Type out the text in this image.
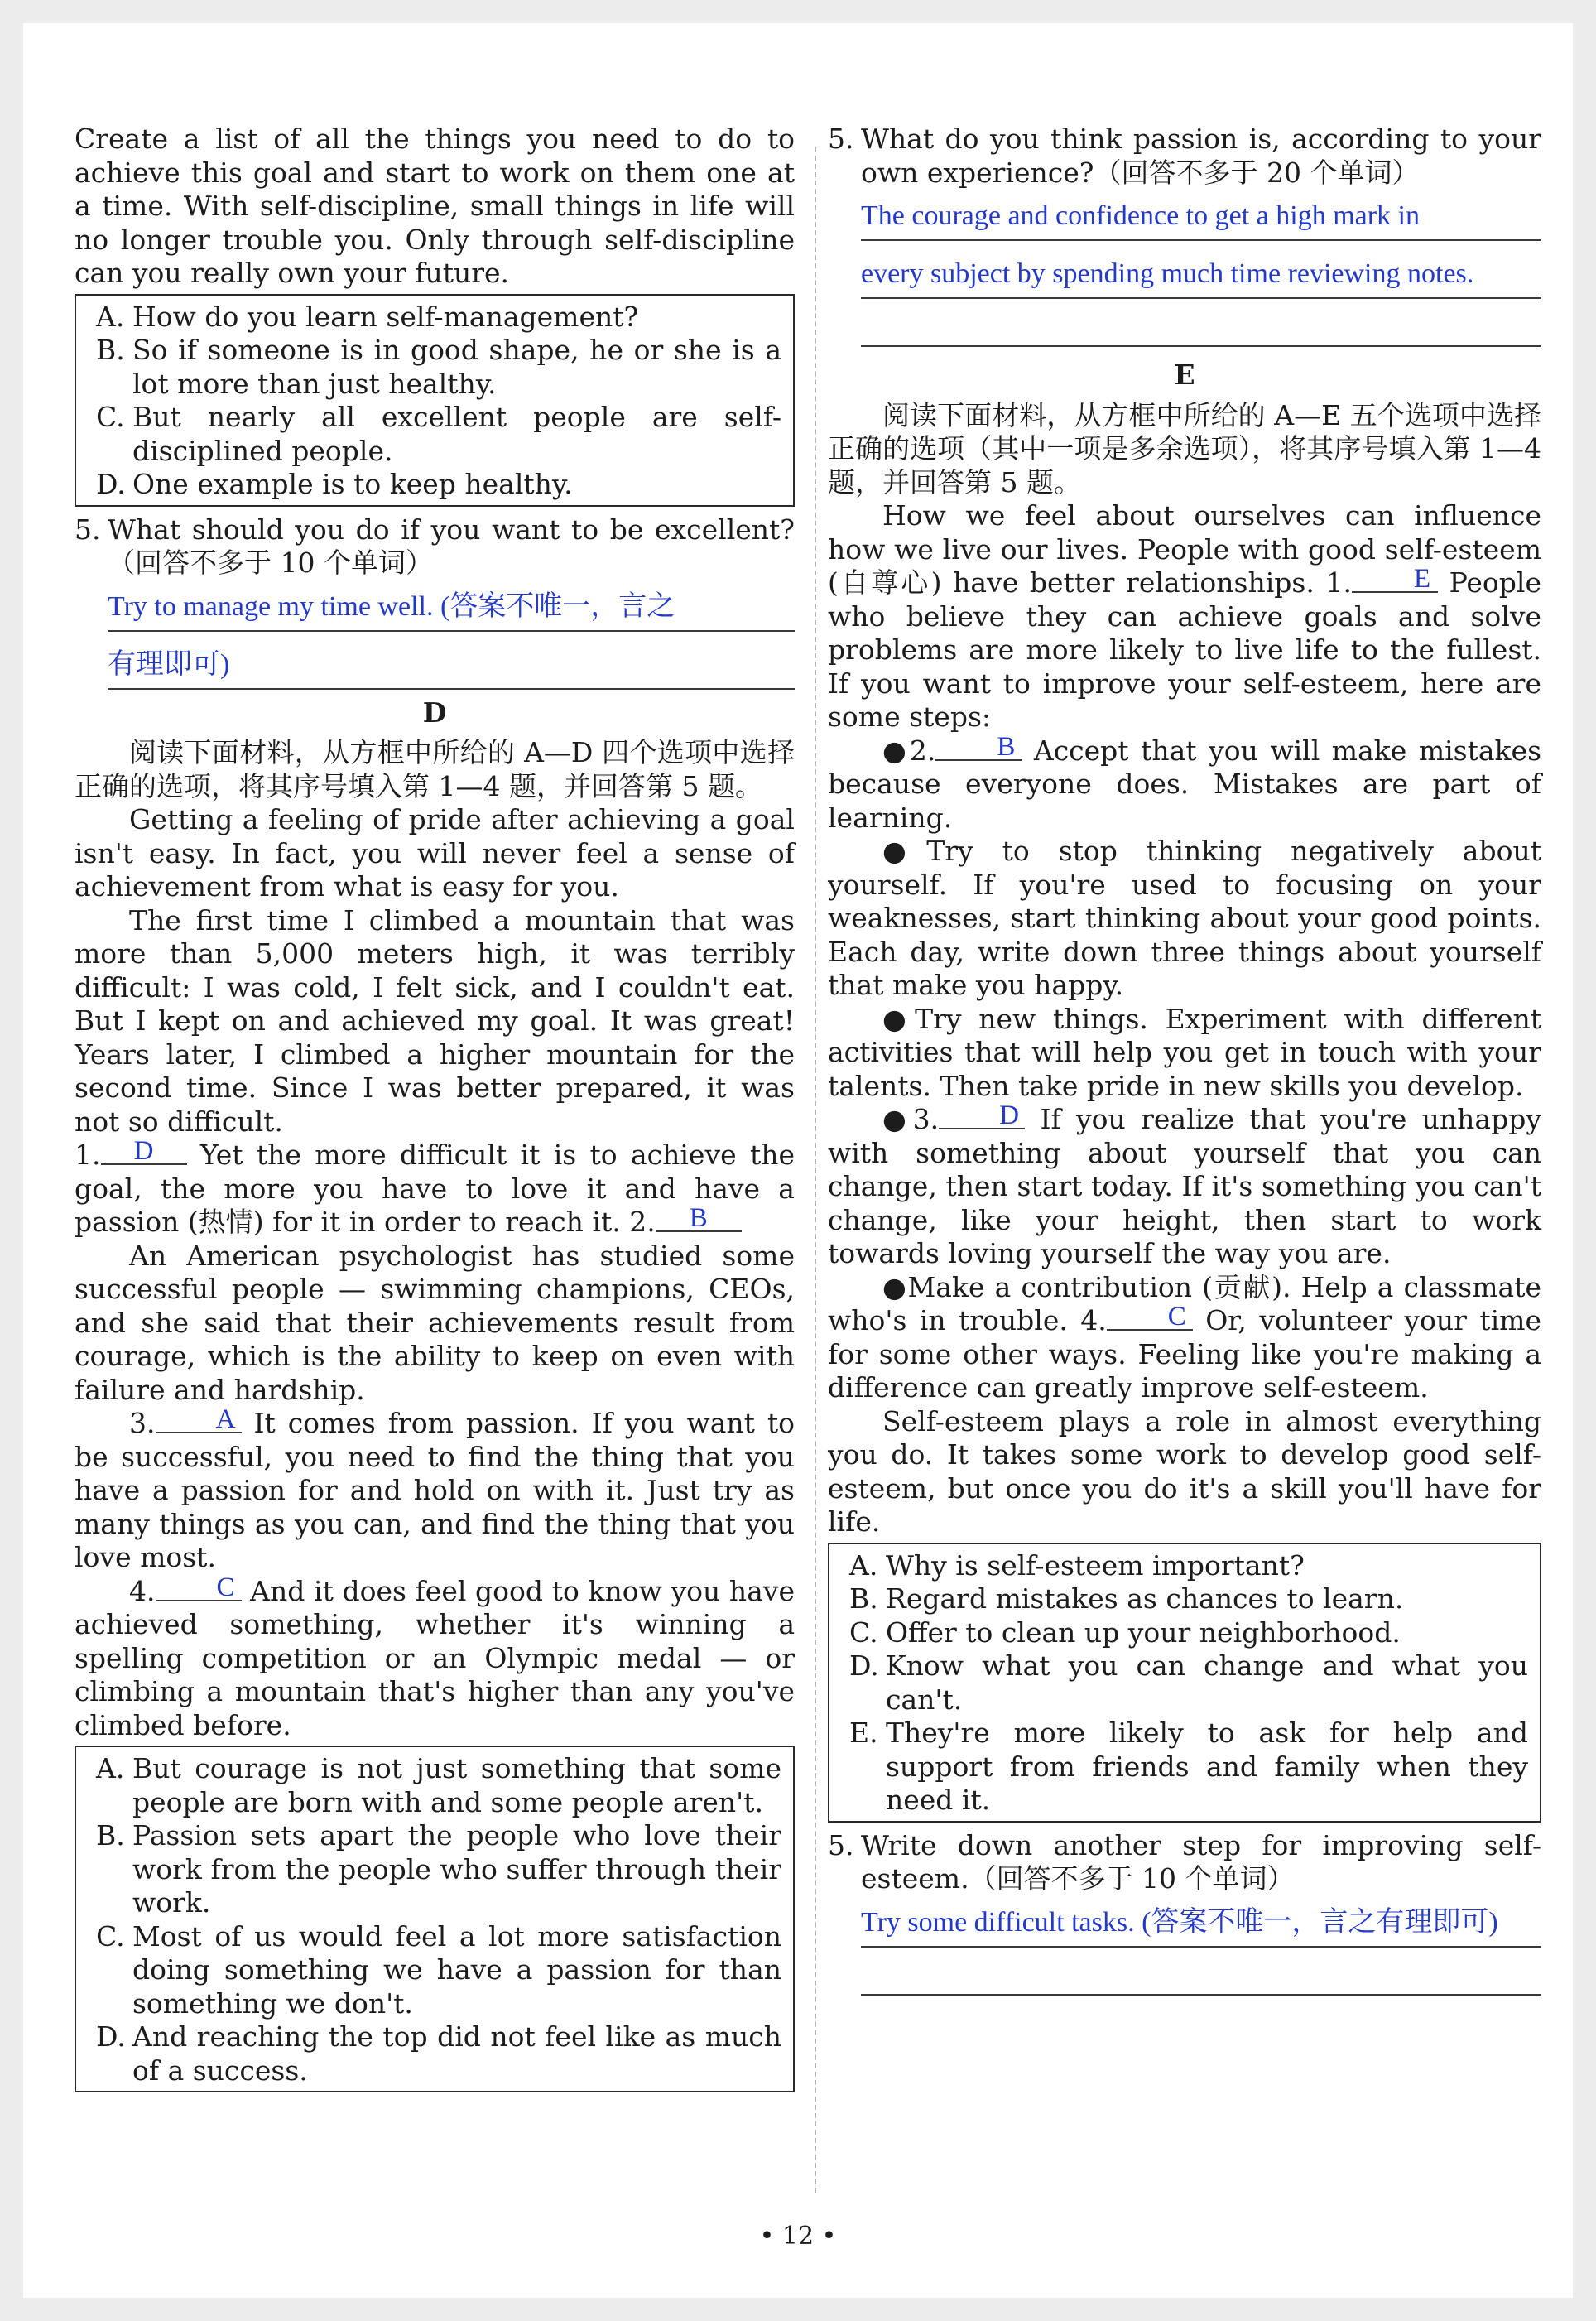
Create a list of all the things you need to do to achieve this goal and start to work on them one at a time. With self-discipline, small things in life will no longer trouble you. Only through self-discipline can you really own your future.

A. How do you learn self-management?
B. So if someone is in good shape, he or she is a lot more than just healthy.
C. But nearly all excellent people are self-disciplined people.
D. One example is to keep healthy.
5. What should you do if you want to be excellent?（回答不多于 10 个单词）
Try to manage my time well. (答案不唯一，言之
有理即可)

D

阅读下面材料，从方框中所给的 A—D 四个选项中选择正确的选项，将其序号填入第 1—4 题，并回答第 5 题。

Getting a feeling of pride after achieving a goal isn't easy. In fact, you will never feel a sense of achievement from what is easy for you.

The first time I climbed a mountain that was more than 5,000 meters high, it was terribly difficult: I was cold, I felt sick, and I couldn't eat. But I kept on and achieved my goal. It was great! Years later, I climbed a higher mountain for the second time. Since I was better prepared, it was not so difficult.

1. D Yet the more difficult it is to achieve the goal, the more you have to love it and have a passion (热情) for it in order to reach it. 2. B

An American psychologist has studied some successful people — swimming champions, CEOs, and she said that their achievements result from courage, which is the ability to keep on even with failure and hardship.

3. A It comes from passion. If you want to be successful, you need to find the thing that you have a passion for and hold on with it. Just try as many things as you can, and find the thing that you love most.

4. C And it does feel good to know you have achieved something, whether it's winning a spelling competition or an Olympic medal — or climbing a mountain that's higher than any you've climbed before.

A. But courage is not just something that some people are born with and some people aren't.
B. Passion sets apart the people who love their work from the people who suffer through their work.
C. Most of us would feel a lot more satisfaction doing something we have a passion for than something we don't.
D. And reaching the top did not feel like as much of a success.
5. What do you think passion is, according to your own experience?（回答不多于 20 个单词）
The courage and confidence to get a high mark in
every subject by spending much time reviewing notes.

E

阅读下面材料，从方框中所给的 A—E 五个选项中选择正确的选项（其中一项是多余选项），将其序号填入第 1—4 题，并回答第 5 题。

How we feel about ourselves can influence how we live our lives. People with good self-esteem (自尊心) have better relationships. 1. E People who believe they can achieve goals and solve problems are more likely to live life to the fullest. If you want to improve your self-esteem, here are some steps:

●2. B Accept that you will make mistakes because everyone does. Mistakes are part of learning.

●Try to stop thinking negatively about yourself. If you're used to focusing on your weaknesses, start thinking about your good points. Each day, write down three things about yourself that make you happy.

●Try new things. Experiment with different activities that will help you get in touch with your talents. Then take pride in new skills you develop.

●3. D If you realize that you're unhappy with something about yourself that you can change, then start today. If it's something you can't change, like your height, then start to work towards loving yourself the way you are.

●Make a contribution (贡献). Help a classmate who's in trouble. 4. C Or, volunteer your time for some other ways. Feeling like you're making a difference can greatly improve self-esteem.

Self-esteem plays a role in almost everything you do. It takes some work to develop good self-esteem, but once you do it's a skill you'll have for life.

A. Why is self-esteem important?
B. Regard mistakes as chances to learn.
C. Offer to clean up your neighborhood.
D. Know what you can change and what you can't.
E. They're more likely to ask for help and support from friends and family when they need it.
5. Write down another step for improving self-esteem.（回答不多于 10 个单词）
Try some difficult tasks. (答案不唯一，言之有理即可)
• 12 •
